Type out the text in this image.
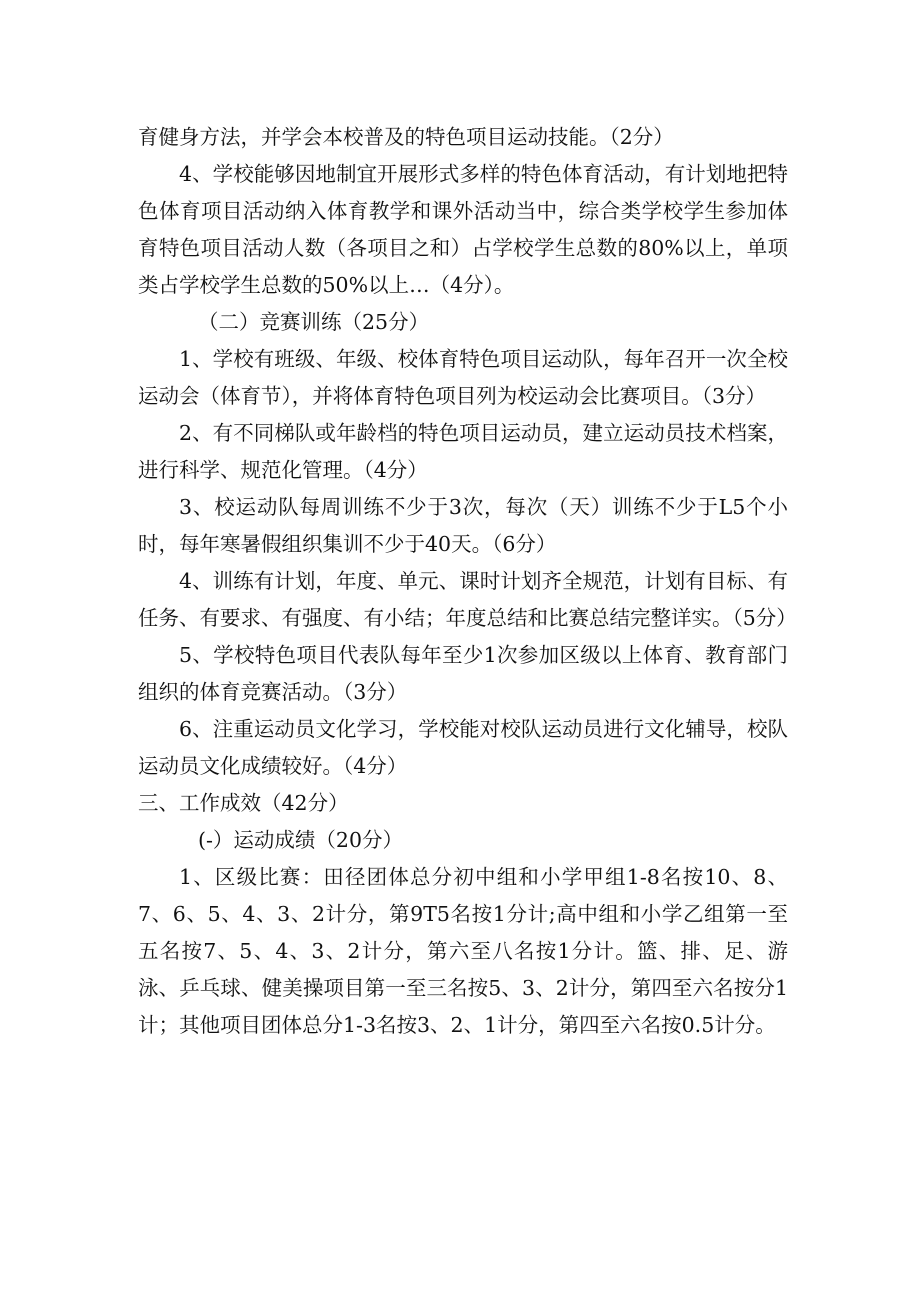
育健身方法，并学会本校普及的特色项目运动技能。（2分）

4、学校能够因地制宜开展形式多样的特色体育活动，有计划地把特色体育项目活动纳入体育教学和课外活动当中，综合类学校学生参加体育特色项目活动人数（各项目之和）占学校学生总数的80%以上，单项类占学校学生总数的50%以上…（4分）。

（二）竞赛训练（25分）

1、学校有班级、年级、校体育特色项目运动队，每年召开一次全校运动会（体育节），并将体育特色项目列为校运动会比赛项目。（3分）

2、有不同梯队或年龄档的特色项目运动员，建立运动员技术档案，进行科学、规范化管理。（4分）

3、校运动队每周训练不少于3次，每次（天）训练不少于L5个小时，每年寒暑假组织集训不少于40天。（6分）

4、训练有计划，年度、单元、课时计划齐全规范，计划有目标、有任务、有要求、有强度、有小结；年度总结和比赛总结完整详实。（5分）

5、学校特色项目代表队每年至少1次参加区级以上体育、教育部门组织的体育竞赛活动。（3分）

6、注重运动员文化学习，学校能对校队运动员进行文化辅导，校队运动员文化成绩较好。（4分）

三、工作成效（42分）

(-）运动成绩（20分）

1、区级比赛：田径团体总分初中组和小学甲组1-8名按10、8、7、6、5、4、3、2计分，第9T5名按1分计;高中组和小学乙组第一至五名按7、5、4、3、2计分，第六至八名按1分计。篮、排、足、游泳、乒乓球、健美操项目第一至三名按5、3、2计分，第四至六名按分1计；其他项目团体总分1-3名按3、2、1计分，第四至六名按0.5计分。
